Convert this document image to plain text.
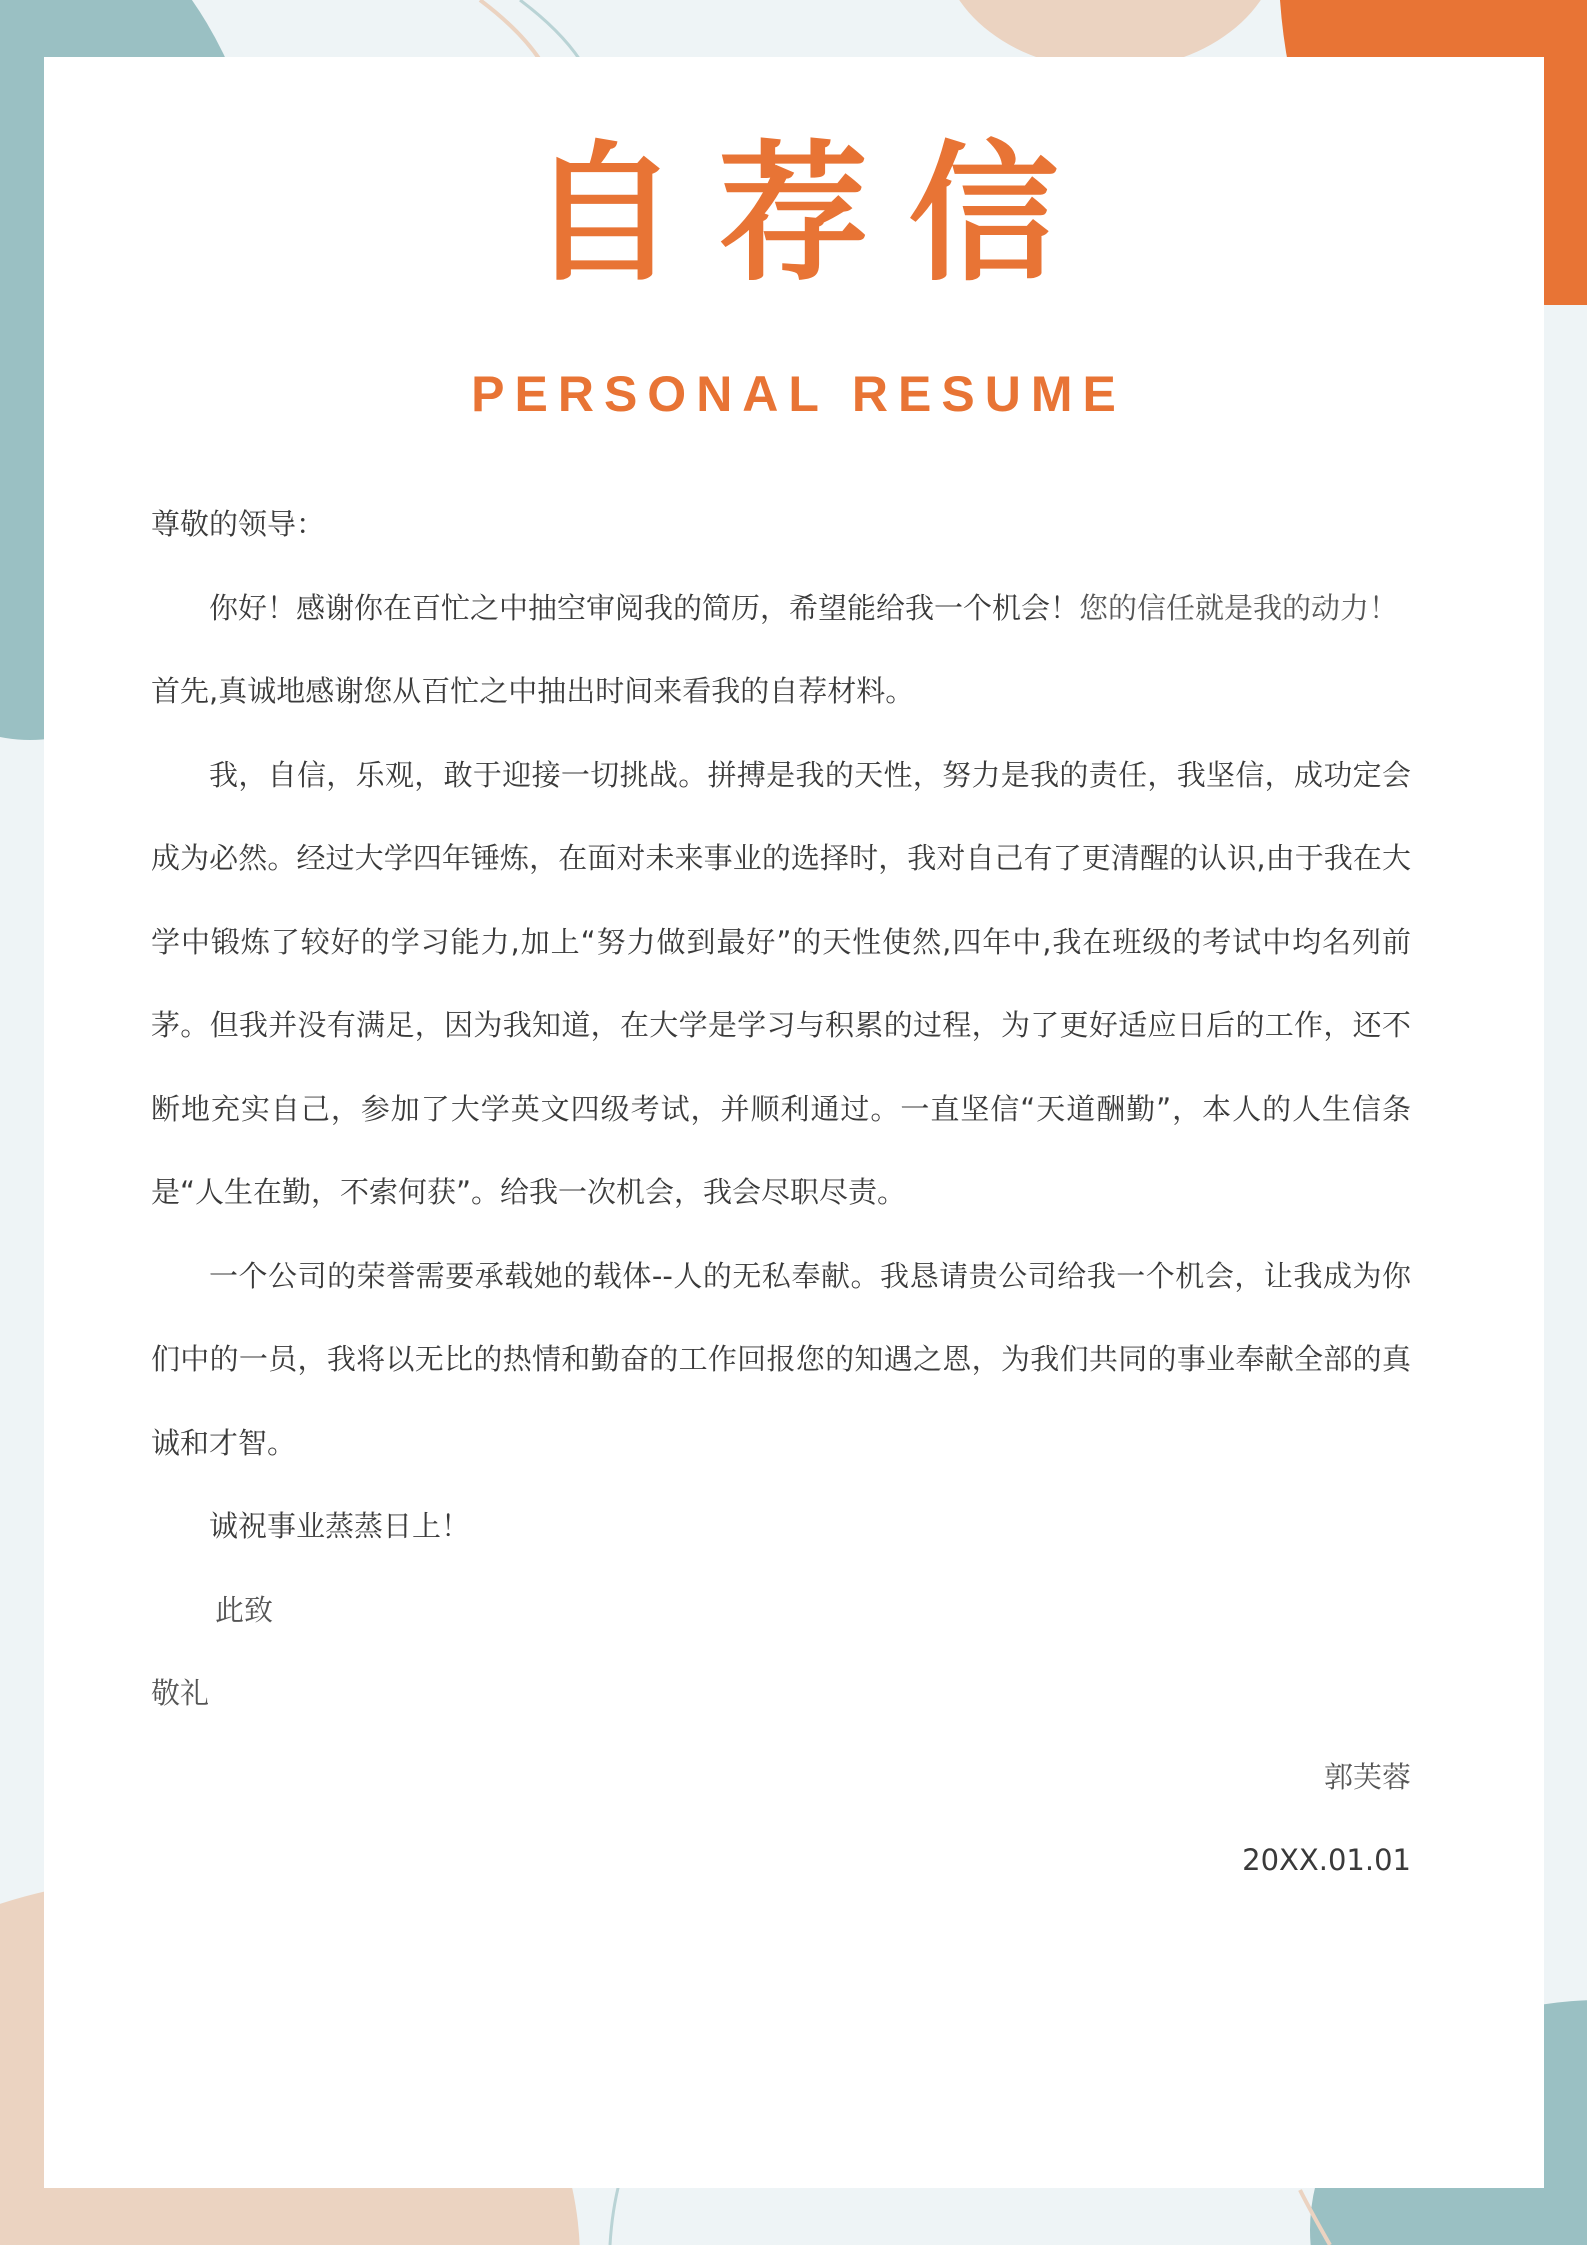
自荐信
PERSONAL RESUME
尊敬的领导：
你好！感谢你在百忙之中抽空审阅我的简历，希望能给我一个机会！您的信任就是我的动力！
首先,真诚地感谢您从百忙之中抽出时间来看我的自荐材料。
我，自信，乐观，敢于迎接一切挑战。拼搏是我的天性，努力是我的责任，我坚信，成功定会
成为必然。经过大学四年锤炼，在面对未来事业的选择时，我对自己有了更清醒的认识,由于我在大
学中锻炼了较好的学习能力,加上“努力做到最好”的天性使然,四年中,我在班级的考试中均名列前
茅。但我并没有满足，因为我知道，在大学是学习与积累的过程，为了更好适应日后的工作，还不
断地充实自己，参加了大学英文四级考试，并顺利通过。一直坚信“天道酬勤”，本人的人生信条
是“人生在勤，不索何获”。给我一次机会，我会尽职尽责。
一个公司的荣誉需要承载她的载体--人的无私奉献。我恳请贵公司给我一个机会，让我成为你
们中的一员，我将以无比的热情和勤奋的工作回报您的知遇之恩，为我们共同的事业奉献全部的真
诚和才智。
诚祝事业蒸蒸日上！
此致
敬礼
郭芙蓉
20XX.01.01
